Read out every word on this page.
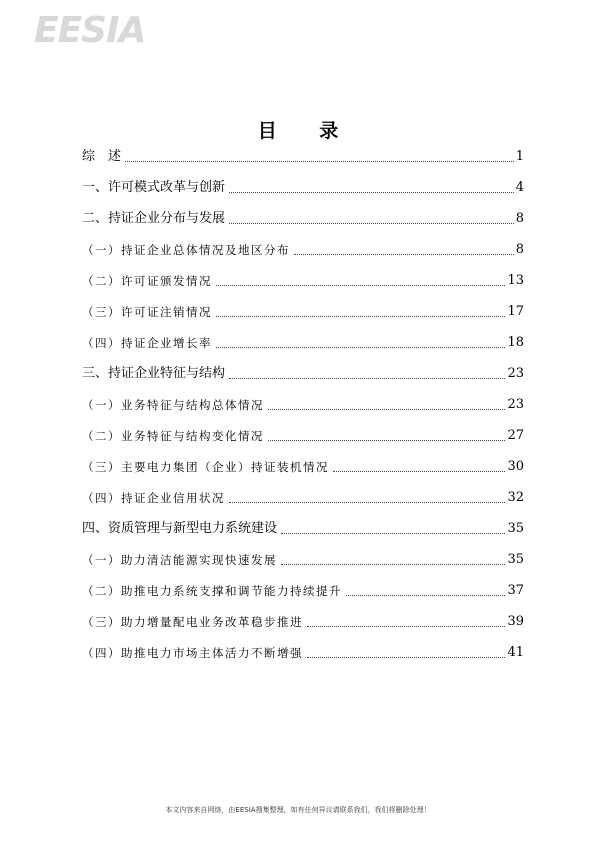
EESIA
目 录
综　述	1
一、许可模式改革与创新	4
二、持证企业分布与发展	8
（一）持证企业总体情况及地区分布	8
（二）许可证颁发情况	13
（三）许可证注销情况	17
（四）持证企业增长率	18
三、持证企业特征与结构	23
（一）业务特征与结构总体情况	23
（二）业务特征与结构变化情况	27
（三）主要电力集团（企业）持证装机情况	30
（四）持证企业信用状况	32
四、资质管理与新型电力系统建设	35
（一）助力清洁能源实现快速发展	35
（二）助推电力系统支撑和调节能力持续提升	37
（三）助力增量配电业务改革稳步推进	39
（四）助推电力市场主体活力不断增强	41
本文内容来自网络，由EESIA搜集整理，如有任何异议请联系我们，我们将删除处理！
